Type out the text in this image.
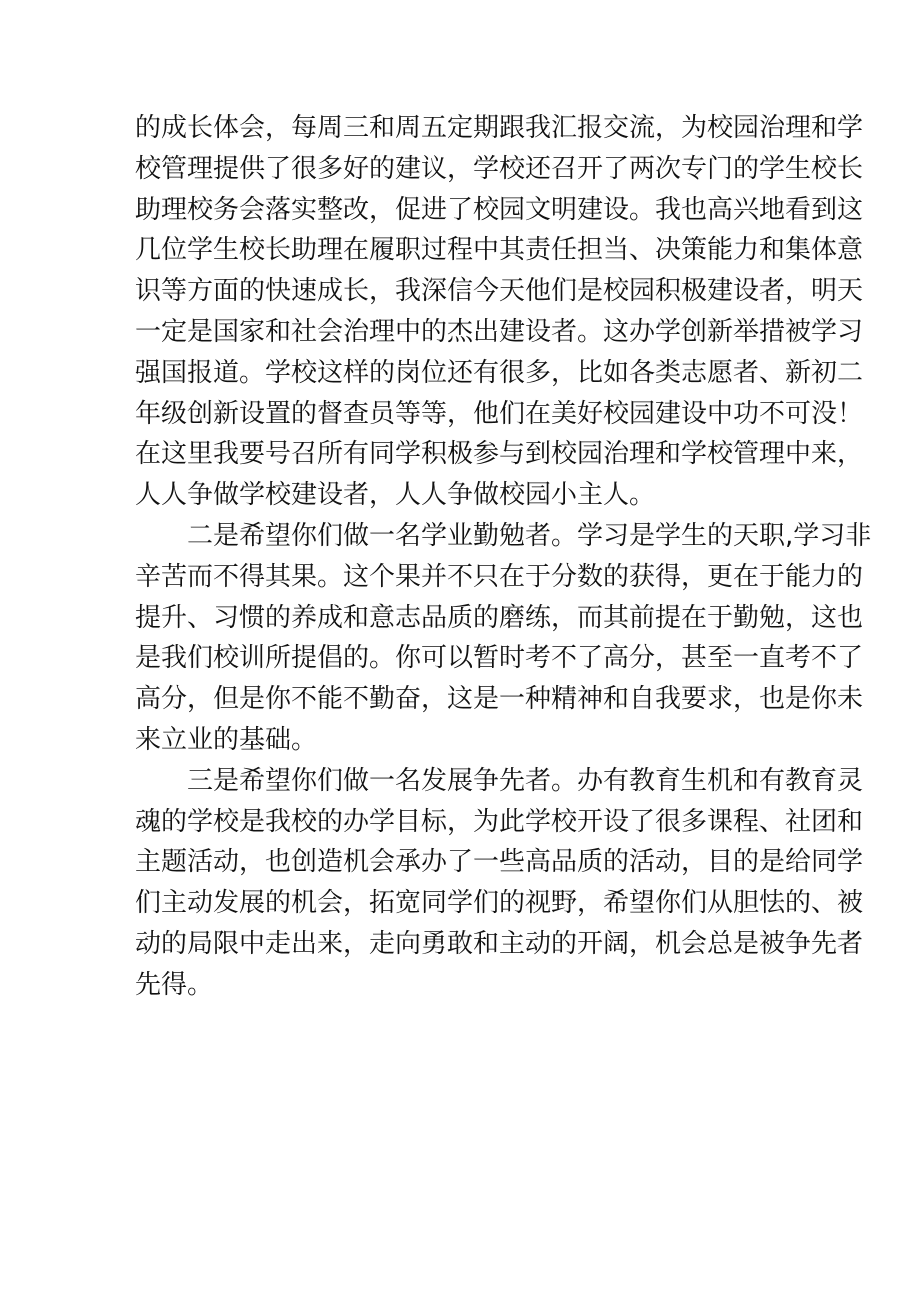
的成长体会，每周三和周五定期跟我汇报交流，为校园治理和学
校管理提供了很多好的建议，学校还召开了两次专门的学生校长
助理校务会落实整改，促进了校园文明建设。我也高兴地看到这
几位学生校长助理在履职过程中其责任担当、决策能力和集体意
识等方面的快速成长，我深信今天他们是校园积极建设者，明天
一定是国家和社会治理中的杰出建设者。这办学创新举措被学习
强国报道。学校这样的岗位还有很多，比如各类志愿者、新初二
年级创新设置的督查员等等，他们在美好校园建设中功不可没！
在这里我要号召所有同学积极参与到校园治理和学校管理中来，
人人争做学校建设者，人人争做校园小主人。
二是希望你们做一名学业勤勉者。学习是学生的天职,学习非
辛苦而不得其果。这个果并不只在于分数的获得，更在于能力的
提升、习惯的养成和意志品质的磨练，而其前提在于勤勉，这也
是我们校训所提倡的。你可以暂时考不了高分，甚至一直考不了
高分，但是你不能不勤奋，这是一种精神和自我要求，也是你未
来立业的基础。
三是希望你们做一名发展争先者。办有教育生机和有教育灵
魂的学校是我校的办学目标，为此学校开设了很多课程、社团和
主题活动，也创造机会承办了一些高品质的活动，目的是给同学
们主动发展的机会，拓宽同学们的视野，希望你们从胆怯的、被
动的局限中走出来，走向勇敢和主动的开阔，机会总是被争先者
先得。
